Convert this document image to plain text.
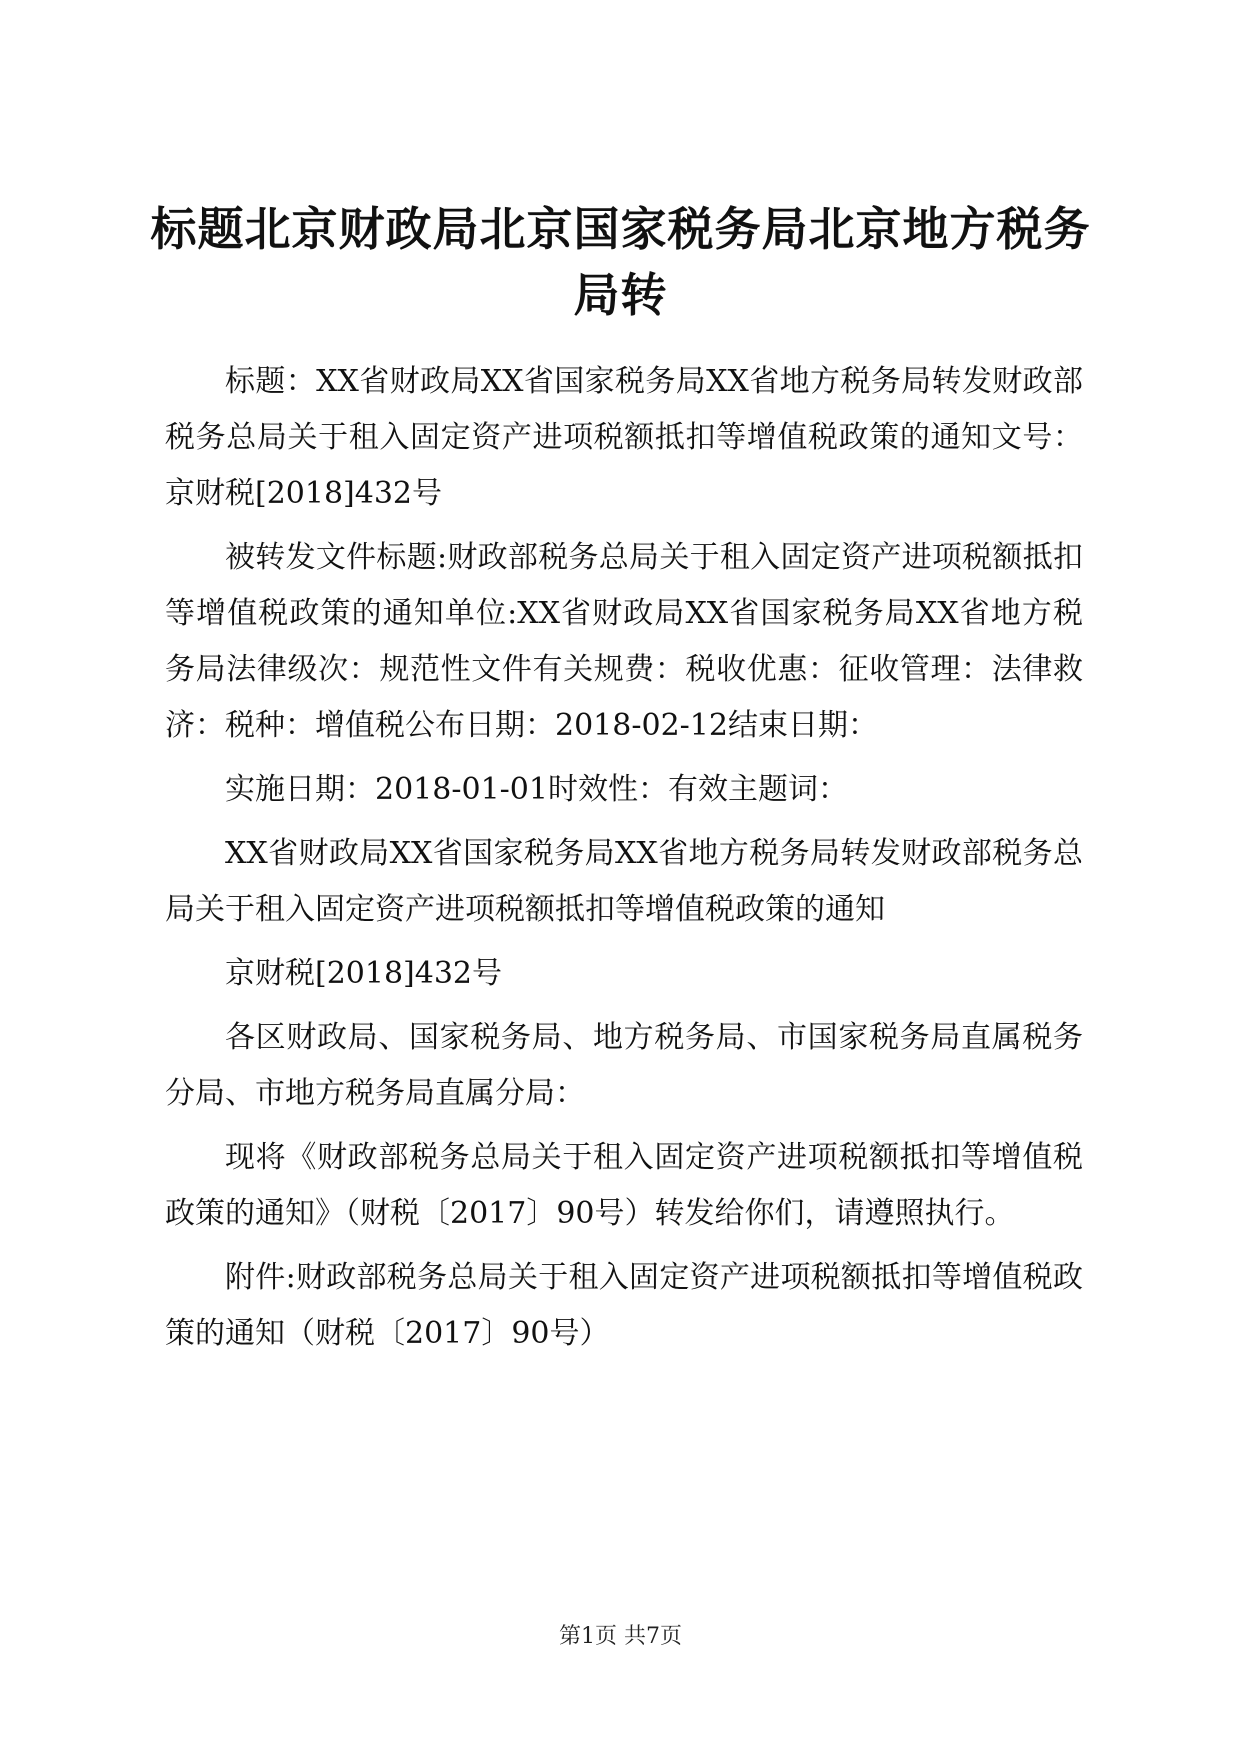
标题北京财政局北京国家税务局北京地方税务局转

标题：XX省财政局XX省国家税务局XX省地方税务局转发财政部税务总局关于租入固定资产进项税额抵扣等增值税政策的通知文号：京财税[2018]432号

被转发文件标题:财政部税务总局关于租入固定资产进项税额抵扣等增值税政策的通知单位:XX省财政局XX省国家税务局XX省地方税务局法律级次：规范性文件有关规费：税收优惠：征收管理：法律救济：税种：增值税公布日期：2018-02-12结束日期：

实施日期：2018-01-01时效性：有效主题词：

XX省财政局XX省国家税务局XX省地方税务局转发财政部税务总局关于租入固定资产进项税额抵扣等增值税政策的通知

京财税[2018]432号

各区财政局、国家税务局、地方税务局、市国家税务局直属税务分局、市地方税务局直属分局：

现将《财政部税务总局关于租入固定资产进项税额抵扣等增值税政策的通知》（财税〔2017〕90号）转发给你们，请遵照执行。

附件:财政部税务总局关于租入固定资产进项税额抵扣等增值税政策的通知（财税〔2017〕90号）

第1页 共7页
